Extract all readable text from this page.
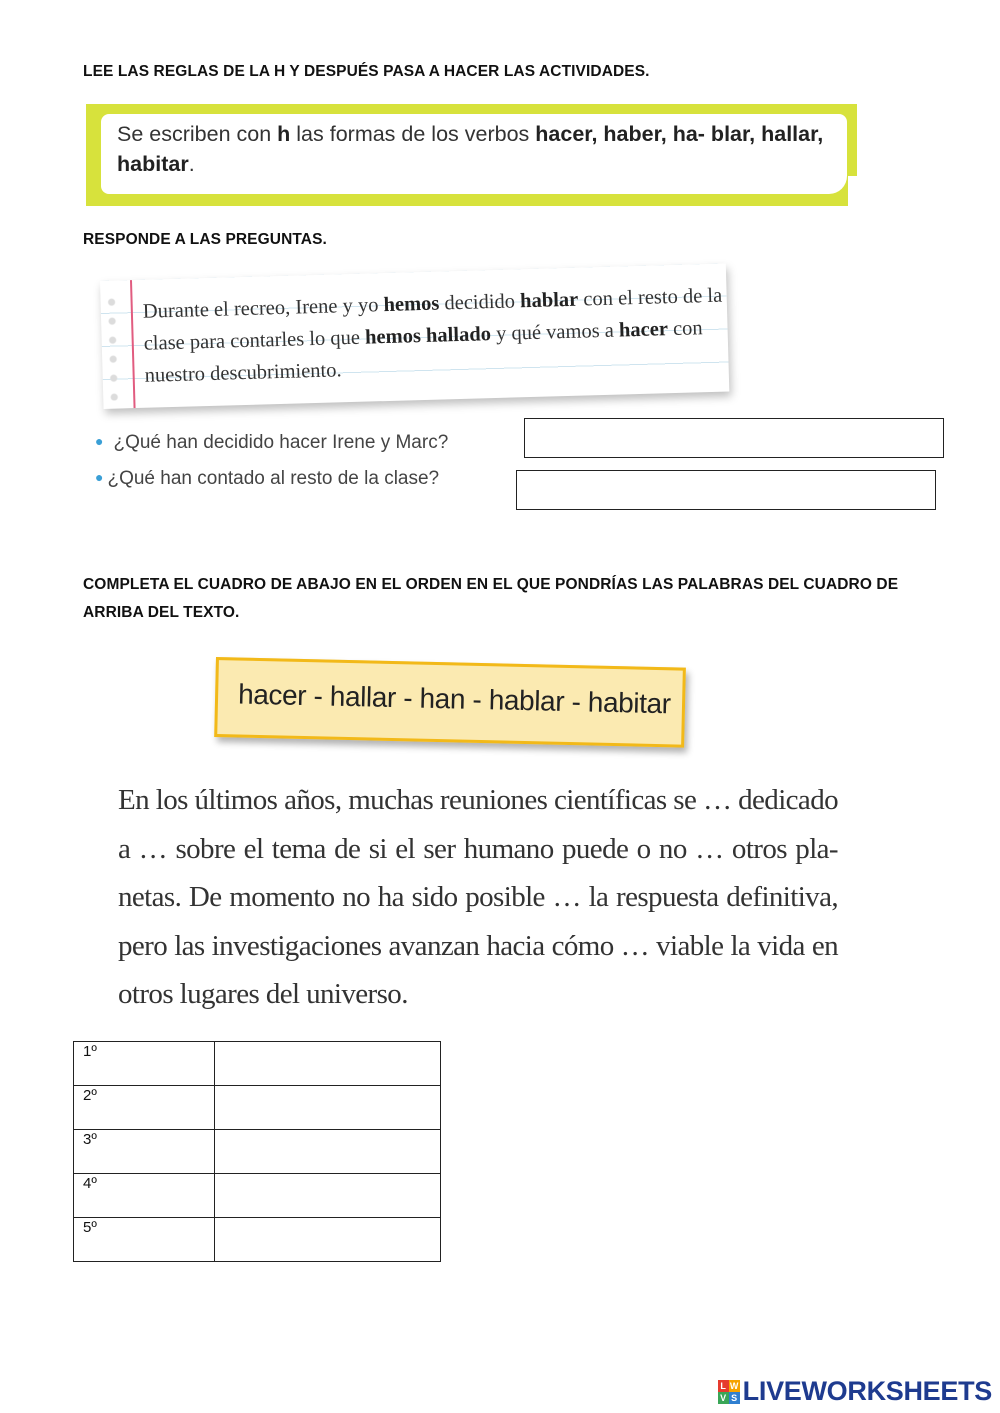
LEE LAS REGLAS DE LA H Y DESPUÉS PASA A HACER LAS ACTIVIDADES.

Se escriben con h las formas de los verbos hacer, haber, ha- blar, hallar, habitar.

RESPONDE A LAS PREGUNTAS.

Durante el recreo, Irene y yo hemos decidido hablar con el resto de la clase para contarles lo que hemos hallado y qué vamos a hacer con nuestro descubrimiento.

● ¿Qué han decidido hacer Irene y Marc?

● ¿Qué han contado al resto de la clase?

COMPLETA EL CUADRO DE ABAJO EN EL ORDEN EN EL QUE PONDRÍAS LAS PALABRAS DEL CUADRO DE
ARRIBA DEL TEXTO.

hacer - hallar - han - hablar - habitar

En los últimos años, muchas reuniones científicas se … dedicado a … sobre el tema de si el ser humano puede o no … otros pla- netas. De momento no ha sido posible … la respuesta definitiva, pero las investigaciones avanzan hacia cómo … viable la vida en otros lugares del universo.

1º	
2º	
3º	
4º	
5º	
L W
V S LIVEWORKSHEETS
